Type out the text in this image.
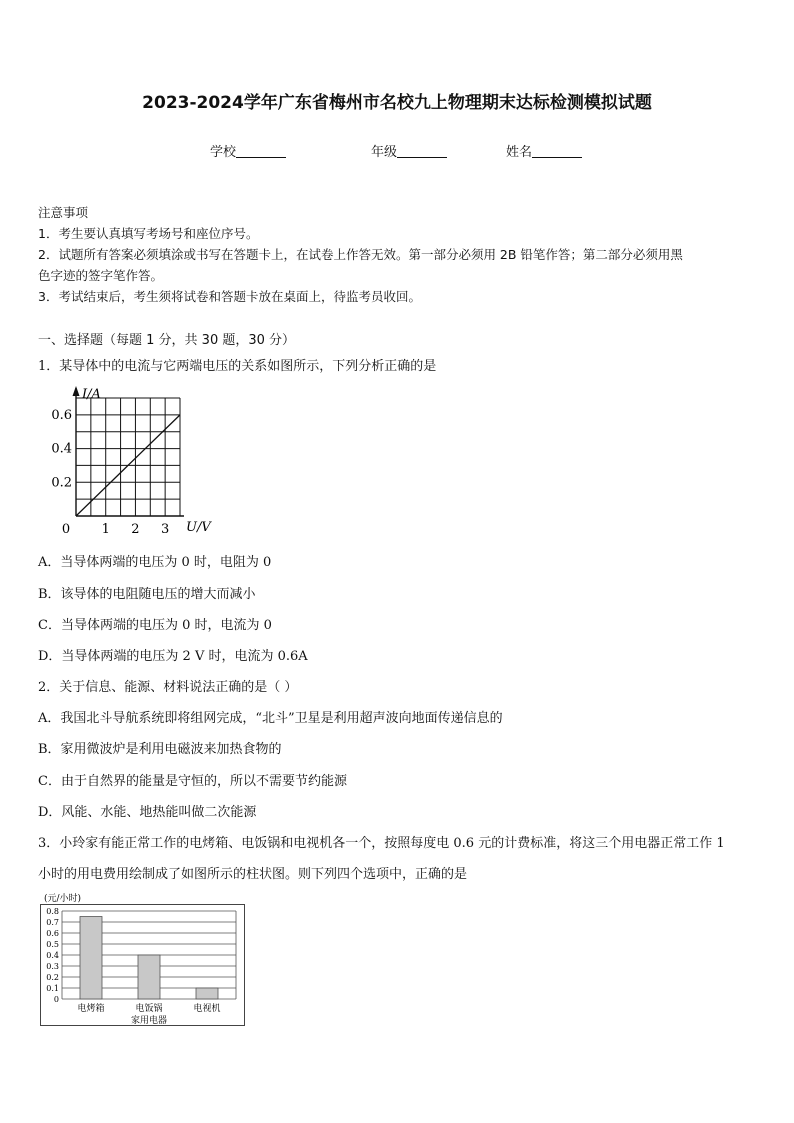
2023-2024学年广东省梅州市名校九上物理期末达标检测模拟试题
学校	年级	姓名
注意事项
1．考生要认真填写考场号和座位序号。
2．试题所有答案必须填涂或书写在答题卡上，在试卷上作答无效。第一部分必须用 2B 铅笔作答；第二部分必须用黑
色字迹的签字笔作答。
3．考试结束后，考生须将试卷和答题卡放在桌面上，待监考员收回。
一、选择题（每题 1 分，共 30 题，30 分）
1．某导体中的电流与它两端电压的关系如图所示，下列分析正确的是
0 1 2 3
0.2
0.4
0.6
I/A
U/V
A．当导体两端的电压为 0 时，电阻为 0
B．该导体的电阻随电压的增大而减小
C．当导体两端的电压为 0 时，电流为 0
D．当导体两端的电压为 2 V 时，电流为 0.6A
2．关于信息、能源、材料说法正确的是（ ）
A．我国北斗导航系统即将组网完成，“北斗”卫星是利用超声波向地面传递信息的
B．家用微波炉是利用电磁波来加热食物的
C．由于自然界的能量是守恒的，所以不需要节约能源
D．风能、水能、地热能叫做二次能源
3．小玲家有能正常工作的电烤箱、电饭锅和电视机各一个，按照每度电 0.6 元的计费标准，将这三个用电器正常工作 1
小时的用电费用绘制成了如图所示的柱状图。则下列四个选项中，正确的是
(元/小时)
0
0.1
0.2
0.3
0.4
0.5
0.6
0.7
0.8
电烤箱	电饭锅	电视机
家用电器
